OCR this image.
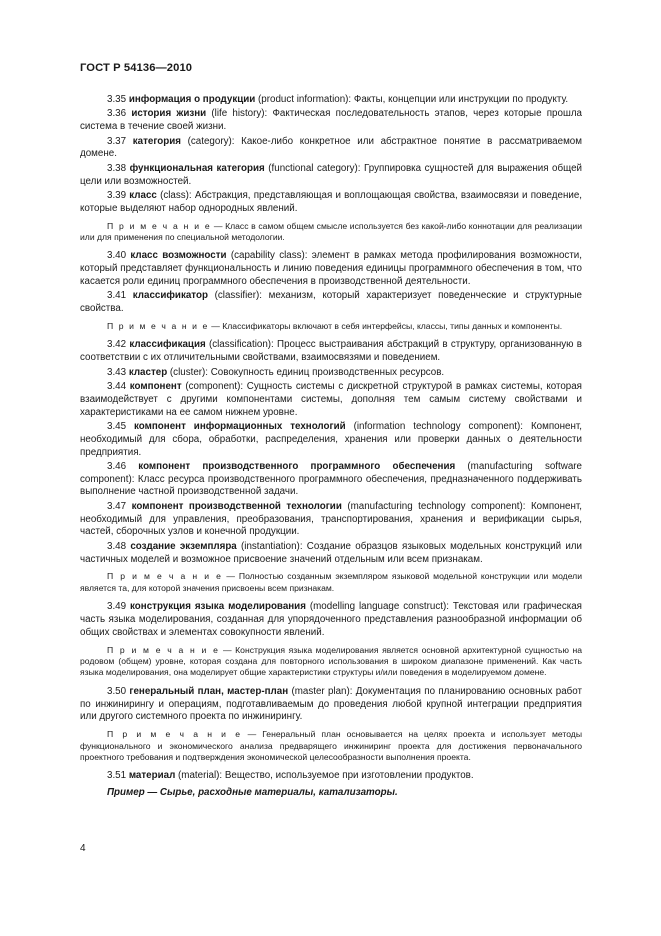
ГОСТ Р 54136—2010

3.35 информация о продукции (product information): Факты, концепции или инструкции по продукту.

3.36 история жизни (life history): Фактическая последовательность этапов, через которые прошла система в течение своей жизни.

3.37 категория (category): Какое-либо конкретное или абстрактное понятие в рассматриваемом домене.

3.38 функциональная категория (functional category): Группировка сущностей для выражения общей цели или возможностей.

3.39 класс (class): Абстракция, представляющая и воплощающая свойства, взаимосвязи и поведение, которые выделяют набор однородных явлений.

П р и м е ч а н и е — Класс в самом общем смысле используется без какой-либо коннотации для реализации или для применения по специальной методологии.

3.40 класс возможности (capability class): элемент в рамках метода профилирования возможности, который представляет функциональность и линию поведения единицы программного обеспечения в том, что касается роли единиц программного обеспечения в производственной деятельности.

3.41 классификатор (classifier): механизм, который характеризует поведенческие и структурные свойства.

П р и м е ч а н и е — Классификаторы включают в себя интерфейсы, классы, типы данных и компоненты.

3.42 классификация (classification): Процесс выстраивания абстракций в структуру, организованную в соответствии с их отличительными свойствами, взаимосвязями и поведением.

3.43 кластер (cluster): Совокупность единиц производственных ресурсов.

3.44 компонент (component): Сущность системы с дискретной структурой в рамках системы, которая взаимодействует с другими компонентами системы, дополняя тем самым систему свойствами и характеристиками на ее самом нижнем уровне.

3.45 компонент информационных технологий (information technology component): Компонент, необходимый для сбора, обработки, распределения, хранения или проверки данных о деятельности предприятия.

3.46 компонент производственного программного обеспечения (manufacturing software component): Класс ресурса производственного программного обеспечения, предназначенного поддерживать выполнение частной производственной задачи.

3.47 компонент производственной технологии (manufacturing technology component): Компонент, необходимый для управления, преобразования, транспортирования, хранения и верификации сырья, частей, сборочных узлов и конечной продукции.

3.48 создание экземпляра (instantiation): Создание образцов языковых модельных конструкций или частичных моделей и возможное присвоение значений отдельным или всем признакам.

П р и м е ч а н и е — Полностью созданным экземпляром языковой модельной конструкции или модели является та, для которой значения присвоены всем признакам.

3.49 конструкция языка моделирования (modelling language construct): Текстовая или графическая часть языка моделирования, созданная для упорядоченного представления разнообразной информации об общих свойствах и элементах совокупности явлений.

П р и м е ч а н и е — Конструкция языка моделирования является основной архитектурной сущностью на родовом (общем) уровне, которая создана для повторного использования в широком диапазоне применений. Как часть языка моделирования, она моделирует общие характеристики структуры и/или поведения в моделируемом домене.

3.50 генеральный план, мастер-план (master plan): Документация по планированию основных работ по инжинирингу и операциям, подготавливаемым до проведения любой крупной интеграции предприятия или другого системного проекта по инжинирингу.

П р и м е ч а н и е — Генеральный план основывается на целях проекта и использует методы функционального и экономического анализа предварящего инжиниринг проекта для достижения первоначального проектного требования и подтверждения экономической целесообразности выполнения проекта.

3.51 материал (material): Вещество, используемое при изготовлении продуктов.

Пример — Сырье, расходные материалы, катализаторы.

4
